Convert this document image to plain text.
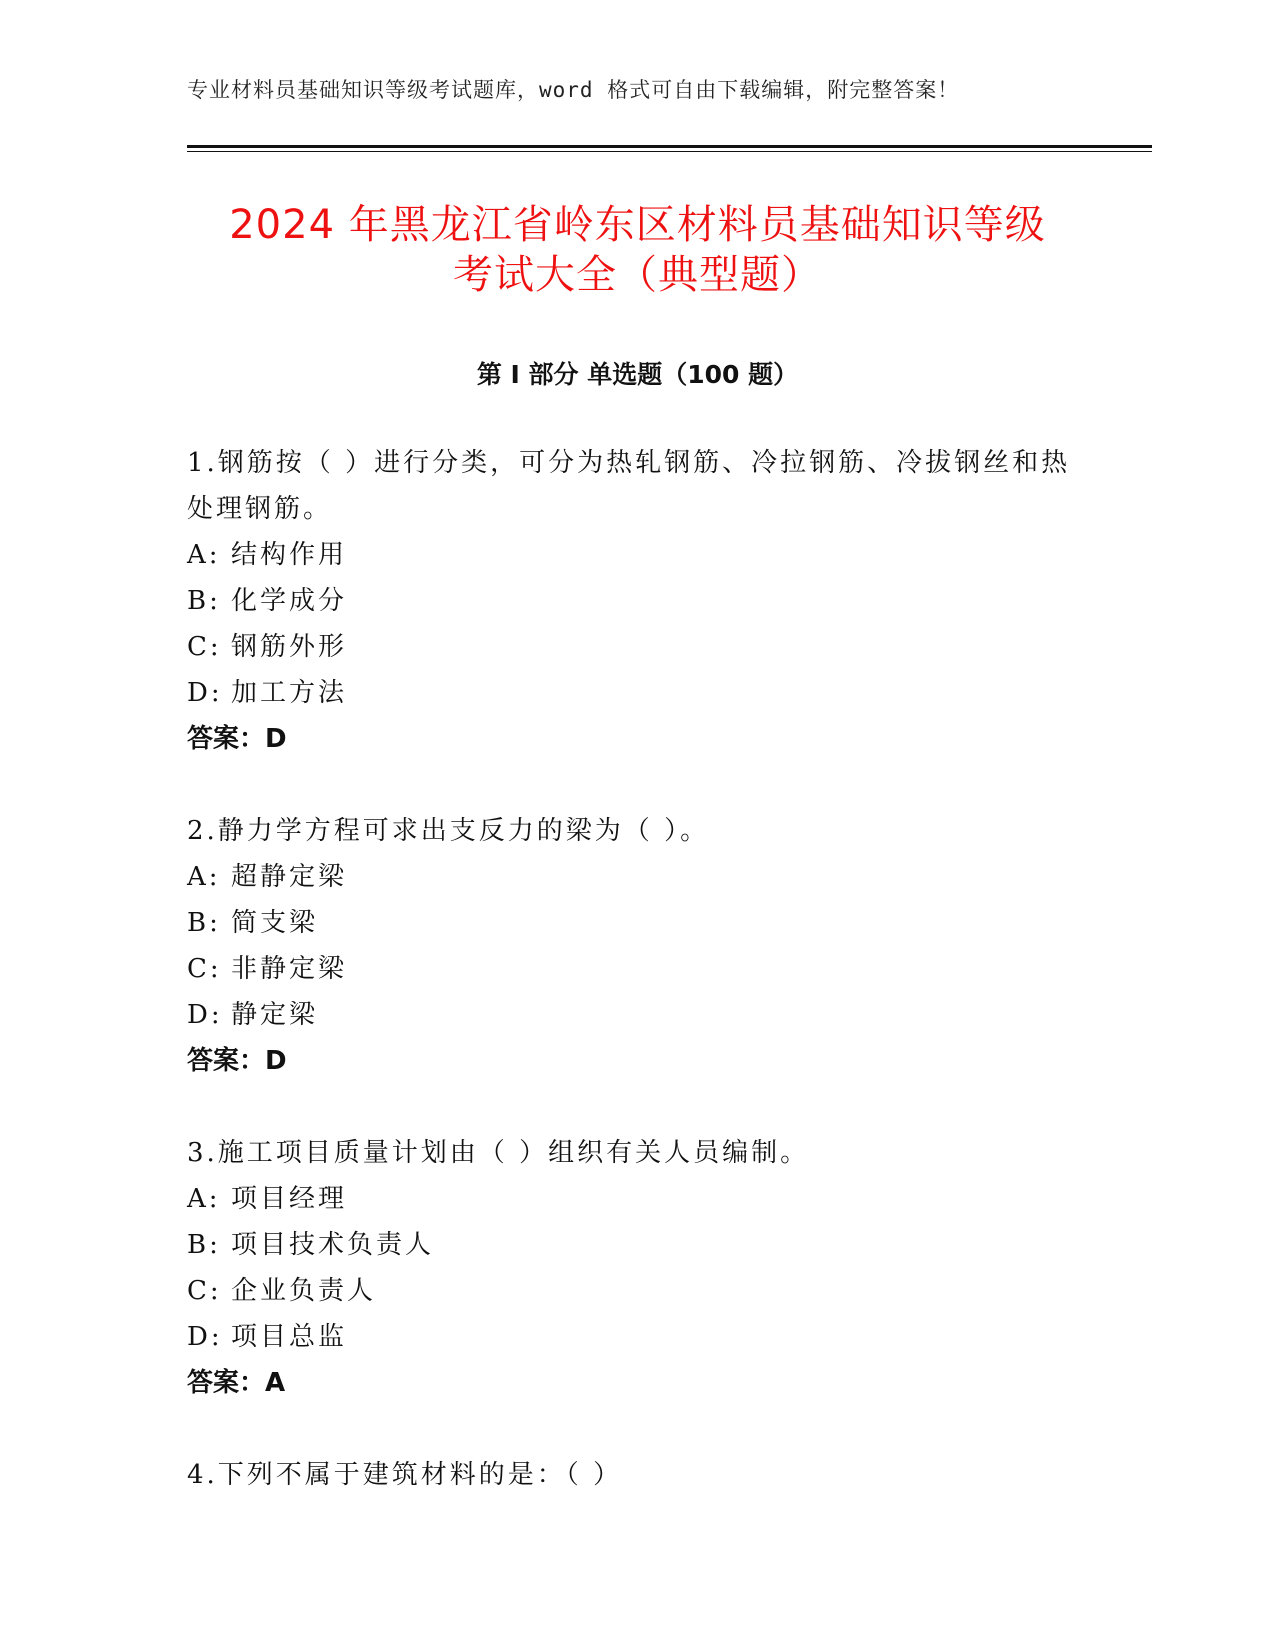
专业材料员基础知识等级考试题库，word 格式可自由下载编辑，附完整答案！
2024 年黑龙江省岭东区材料员基础知识等级
考试大全（典型题）
第 I 部分 单选题（100 题）

1.钢筋按（ ）进行分类，可分为热轧钢筋、冷拉钢筋、冷拔钢丝和热处理钢筋。

A: 结构作用

B: 化学成分

C: 钢筋外形

D: 加工方法

答案：D

2.静力学方程可求出支反力的梁为（ ）。

A: 超静定梁

B: 简支梁

C: 非静定梁

D: 静定梁

答案：D

3.施工项目质量计划由（ ）组织有关人员编制。

A: 项目经理

B: 项目技术负责人

C: 企业负责人

D: 项目总监

答案：A

4.下列不属于建筑材料的是：（ ）
